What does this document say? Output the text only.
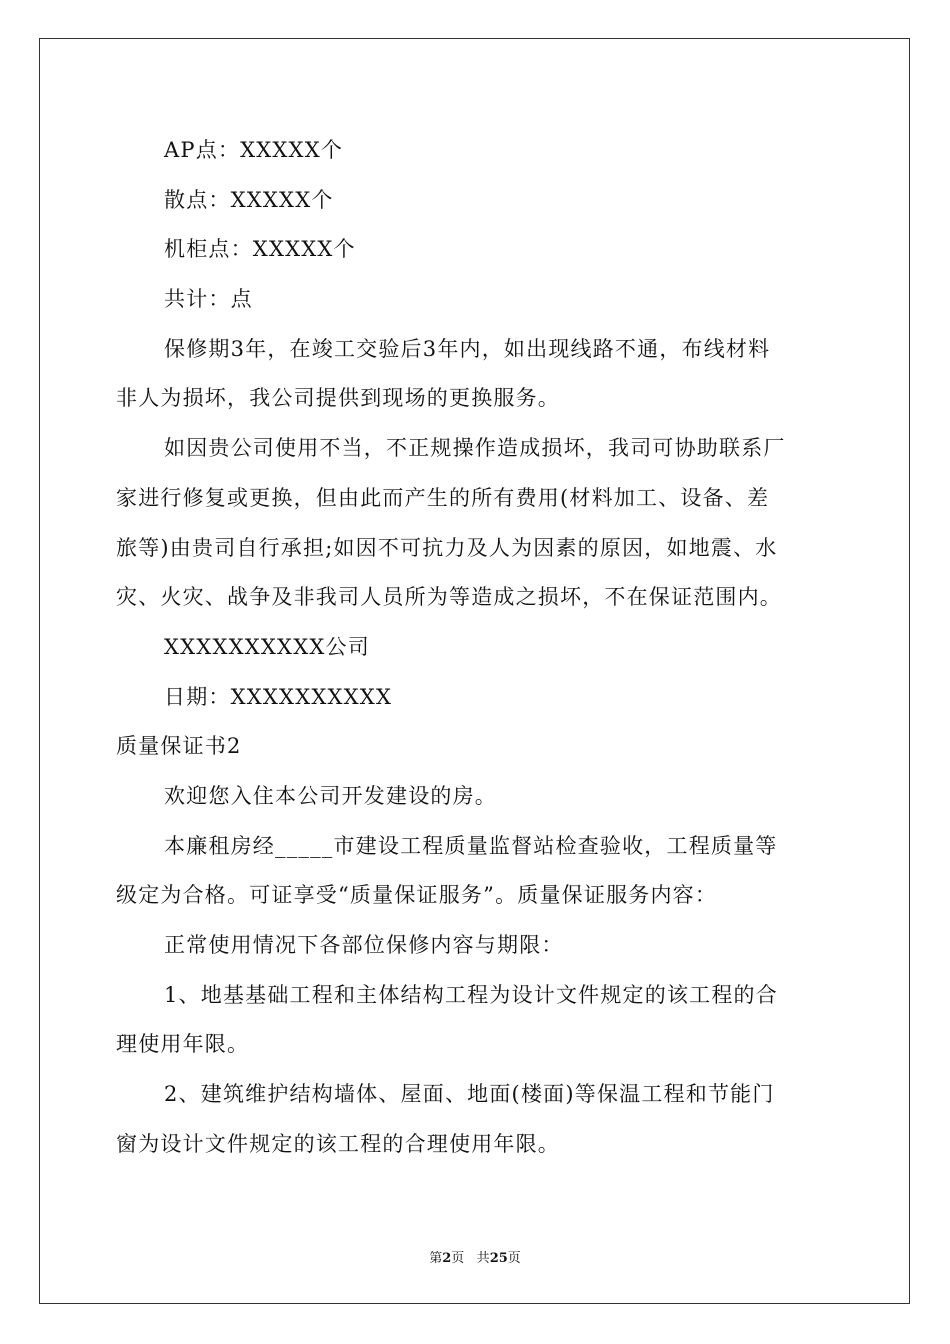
AP点：XXXXX个
散点：XXXXX个
机柜点：XXXXX个
共计：点
保修期3年，在竣工交验后3年内，如出现线路不通，布线材料
非人为损坏，我公司提供到现场的更换服务。
如因贵公司使用不当，不正规操作造成损坏，我司可协助联系厂
家进行修复或更换，但由此而产生的所有费用(材料加工、设备、差
旅等)由贵司自行承担;如因不可抗力及人为因素的原因，如地震、水
灾、火灾、战争及非我司人员所为等造成之损坏，不在保证范围内。
XXXXXXXXXX公司
日期：XXXXXXXXXX
质量保证书2
欢迎您入住本公司开发建设的房。
本廉租房经_____市建设工程质量监督站检查验收，工程质量等
级定为合格。可证享受“质量保证服务”。质量保证服务内容：
正常使用情况下各部位保修内容与期限：
1、地基基础工程和主体结构工程为设计文件规定的该工程的合
理使用年限。
2、建筑维护结构墙体、屋面、地面(楼面)等保温工程和节能门
窗为设计文件规定的该工程的合理使用年限。
第2页 共25页
